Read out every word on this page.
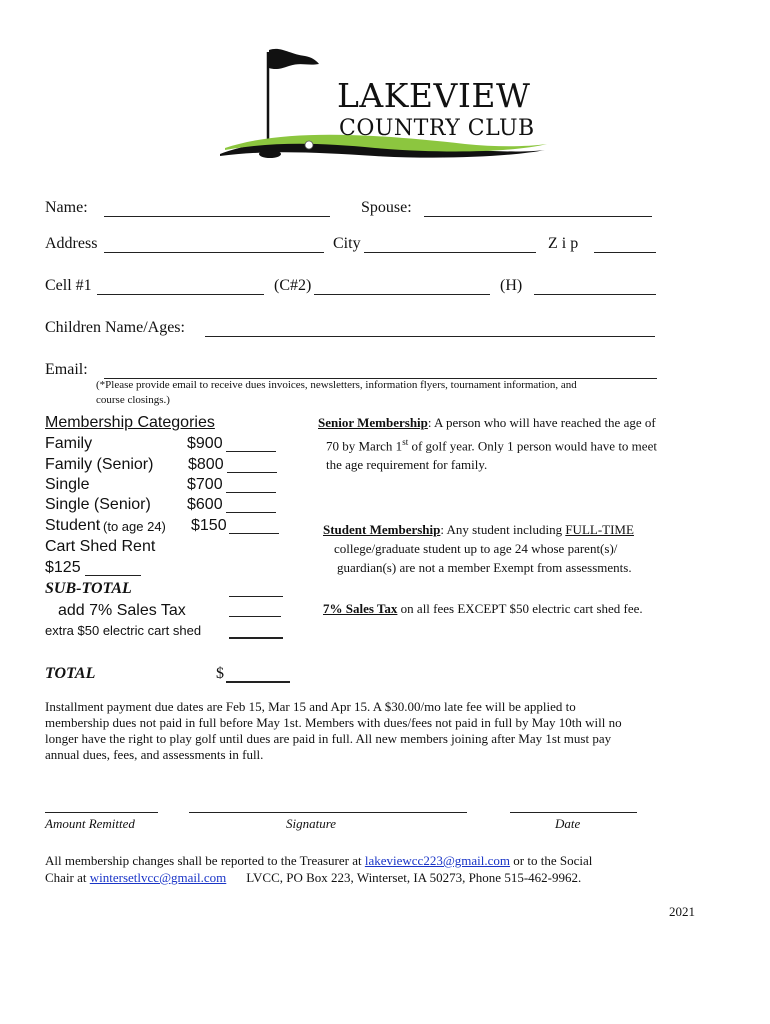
LAKEVIEW
COUNTRY CLUB
Name:	Spouse:
Address	City	Z i p
Cell #1	(C#2)	(H)
Children Name/Ages:
Email:
(*Please provide email to receive dues invoices, newsletters, information flyers, tournament information, and
course closings.)
Membership Categories
Family	$900
Family (Senior) $800
Single	$700
Single (Senior) $600
Student (to age 24) $150
Cart Shed Rent
$125
SUB-TOTAL
add 7% Sales Tax
extra $50 electric cart shed
TOTAL	$
Senior Membership: A person who will have reached the age of
70 by March 1st of golf year. Only 1 person would have to meet
the age requirement for family.
Student Membership: Any student including FULL-TIME
college/graduate student up to age 24 whose parent(s)/
guardian(s) are not a member Exempt from assessments.
7% Sales Tax on all fees EXCEPT $50 electric cart shed fee.
Installment payment due dates are Feb 15, Mar 15 and Apr 15. A $30.00/mo late fee will be applied to
membership dues not paid in full before May 1st. Members with dues/fees not paid in full by May 10th will no
longer have the right to play golf until dues are paid in full. All new members joining after May 1st must pay
annual dues, fees, and assessments in full.
Amount Remitted	Signature	Date
All membership changes shall be reported to the Treasurer at lakeviewcc223@gmail.com or to the Social
Chair at wintersetlvcc@gmail.com LVCC, PO Box 223, Winterset, IA 50273, Phone 515-462-9962.
2021
